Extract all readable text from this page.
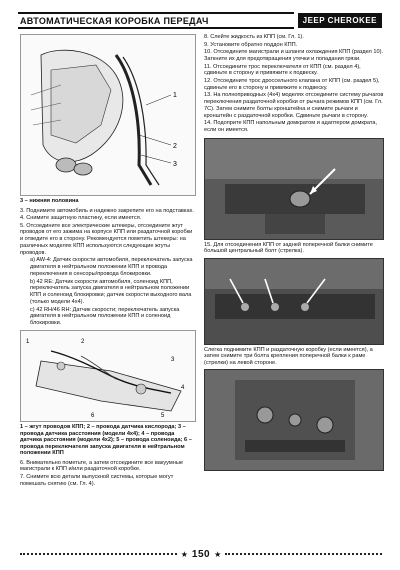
АВТОМАТИЧЕСКАЯ КОРОБКА ПЕРЕДАЧ	JEEP CHEROKEE
1
2
3
3 – нижняя половина
3. Поднимите автомобиль и надежно закрепите его на подставках.
4. Снимите защитную пластину, если имеется.
5. Отсоедините все электрические штекеры, отсоедините жгут проводов от его зажима на корпусе КПП или раздаточной коробки и отведите его в сторону. Рекомендуется пометить штекеры: на различных моделях КПП используются следующие жгуты проводов.
a) AW-4: Датчик скорости автомобиля, переключатель запуска двигателя в нейтральном положении КПП и провода переключения в сенсоры/провода блокировки.
b) 42 RE: Датчик скорости автомобиля, соленоид КПП, переключатель запуска двигателя в нейтральном положении КПП и соленоид блокировки; датчик скорости выходного вала (только модели 4x4).
c) 42 RH/46 RH: Датчик скорости; переключатель запуска двигателя в нейтральном положении КПП и соленоид блокировки.
1	2
3
4
5
6
1 – жгут проводов КПП; 2 – провода датчика кислорода; 3 – провода датчика расстояния (модели 4x4); 4 – провода датчика расстояния (модели 4x2); 5 – провода соленоида; 6 – провода переключателя запуска двигателя в нейтральном положении КПП
6. Внимательно пометьте, а затем отсоедините все вакуумные магистрали к КПП и/или раздаточной коробке.
7. Снимите всю детали выпускной системы, которые могут помешать снятию (см. Гл. 4).
8. Слейте жидкость из КПП (см. Гл. 1).
9. Установите обратно поддон КПП.
10. Отсоедините магистрали и шланги охлаждения КПП (раздел 10). Заткните их для предотвращения утечки и попадания грязи.
11. Отсоедините трос переключателя от КПП (см. раздел 4), сдвиньте в сторону и привяжите к подвеску.
12. Отсоедините трос дроссельного клапана от КПП (см. раздел 5), сдвиньте его в сторону и привяжите к подвеску.
13. На полноприводных (4x4) моделях отсоедините систему рычагов переключения раздаточной коробки от рычага режимов КПП (см. Гл. 7С). Затем снимите болты кронштейна и снимите рычаги и кронштейн с раздаточной коробки. Сдвиньте рычаги в сторону.
14. Подоприте КПП напольным домкратом и адаптером домкрата, если он имеется.
15. Для отсоединения КПП от задней поперечной балки снимите большой центральный болт (стрелка).
Слегка поднимите КПП и раздаточную коробку (если имеется), а затем снимите три болта крепления поперечной балки к раме (стрелки) на левой стороне.
★ 150 ★
